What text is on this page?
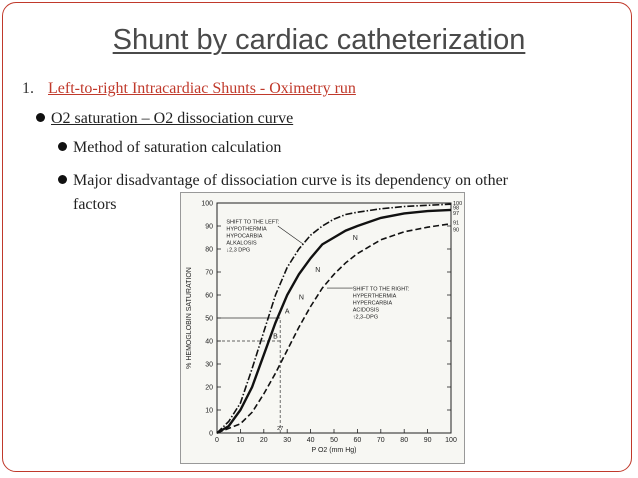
Shunt by cardiac catheterization
1. Left-to-right Intracardiac Shunts - Oximetry run
O2 saturation – O2 dissociation curve
Method of saturation calculation
Major disadvantage of dissociation curve is its dependency on other
factors
0	10 20 30 40 50 60 70 80 90 100
0
10
20
30
40
50
60
70
80
90
100	100
98
97
91
90
P O2 (mm Hg)
% HEMOGLOBIN SATURATION
27
A
B
N
N
N
SHIFT TO THE LEFT:
HYPOTHERMIA
HYPOCARBIA
ALKALOSIS
↓2,3 DPG
SHIFT TO THE RIGHT:
HYPERTHERMIA
HYPERCARBIA
ACIDOSIS
↑2,3–DPG
